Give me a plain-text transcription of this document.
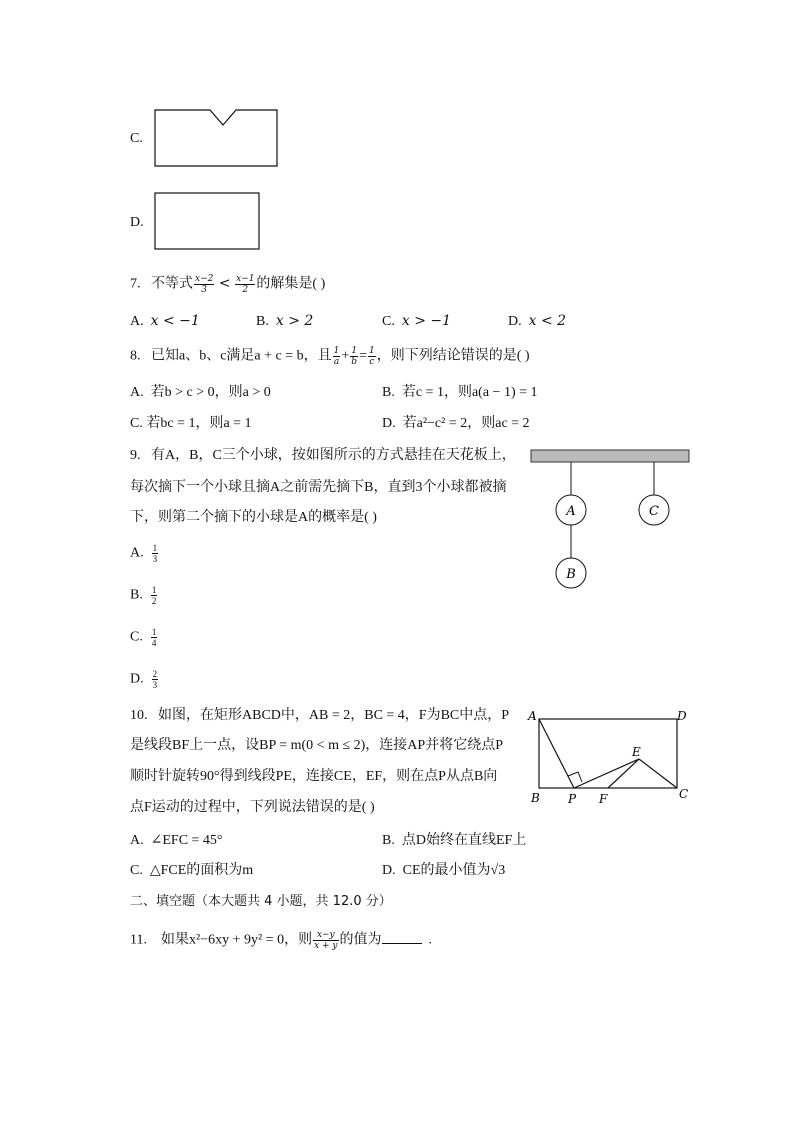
C.
D.
7. 不等式 $\frac{x-2}{3} < \frac{x-1}{2}$ 的解集是( )
A. x < −1	B. x > 2	C. x > −1	D. x < 2
8. 已知a、b、c满足a + c = b，且 $\frac{1}{a} + \frac{1}{b} = \frac{1}{c}$ ，则下列结论错误的是( )
A. 若b > c > 0，则a > 0	B. 若c = 1，则a(a − 1) = 1
C. 若bc = 1，则a = 1	D. 若a²−c² = 2，则ac = 2
9. 有A，B，C三个小球，按如图所示的方式悬挂在天花板上，
每次摘下一个小球且摘A之前需先摘下B，直到3个小球都被摘
下，则第二个摘下的小球是A的概率是( )
A. $\frac{1}{3}$
B. $\frac{1}{2}$
C. $\frac{1}{4}$
D. $\frac{2}{3}$
A
B
C
10. 如图，在矩形ABCD中，AB = 2，BC = 4，F为BC中点，P
是线段BF上一点，设BP = m(0 < m ≤ 2)，连接AP并将它绕点P
顺时针旋转90°得到线段PE，连接CE，EF，则在点P从点B向
点F运动的过程中，下列说法错误的是( )
A. ∠EFC = 45°	B. 点D始终在直线EF上
C. △FCE的面积为m	D. CE的最小值为√3
A	D
B P F	C
E
二、填空题（本大题共 4 小题，共 12.0 分）
11. 如果x²−6xy + 9y² = 0，则 $\frac{x-y}{x + y}$ 的值为	.
